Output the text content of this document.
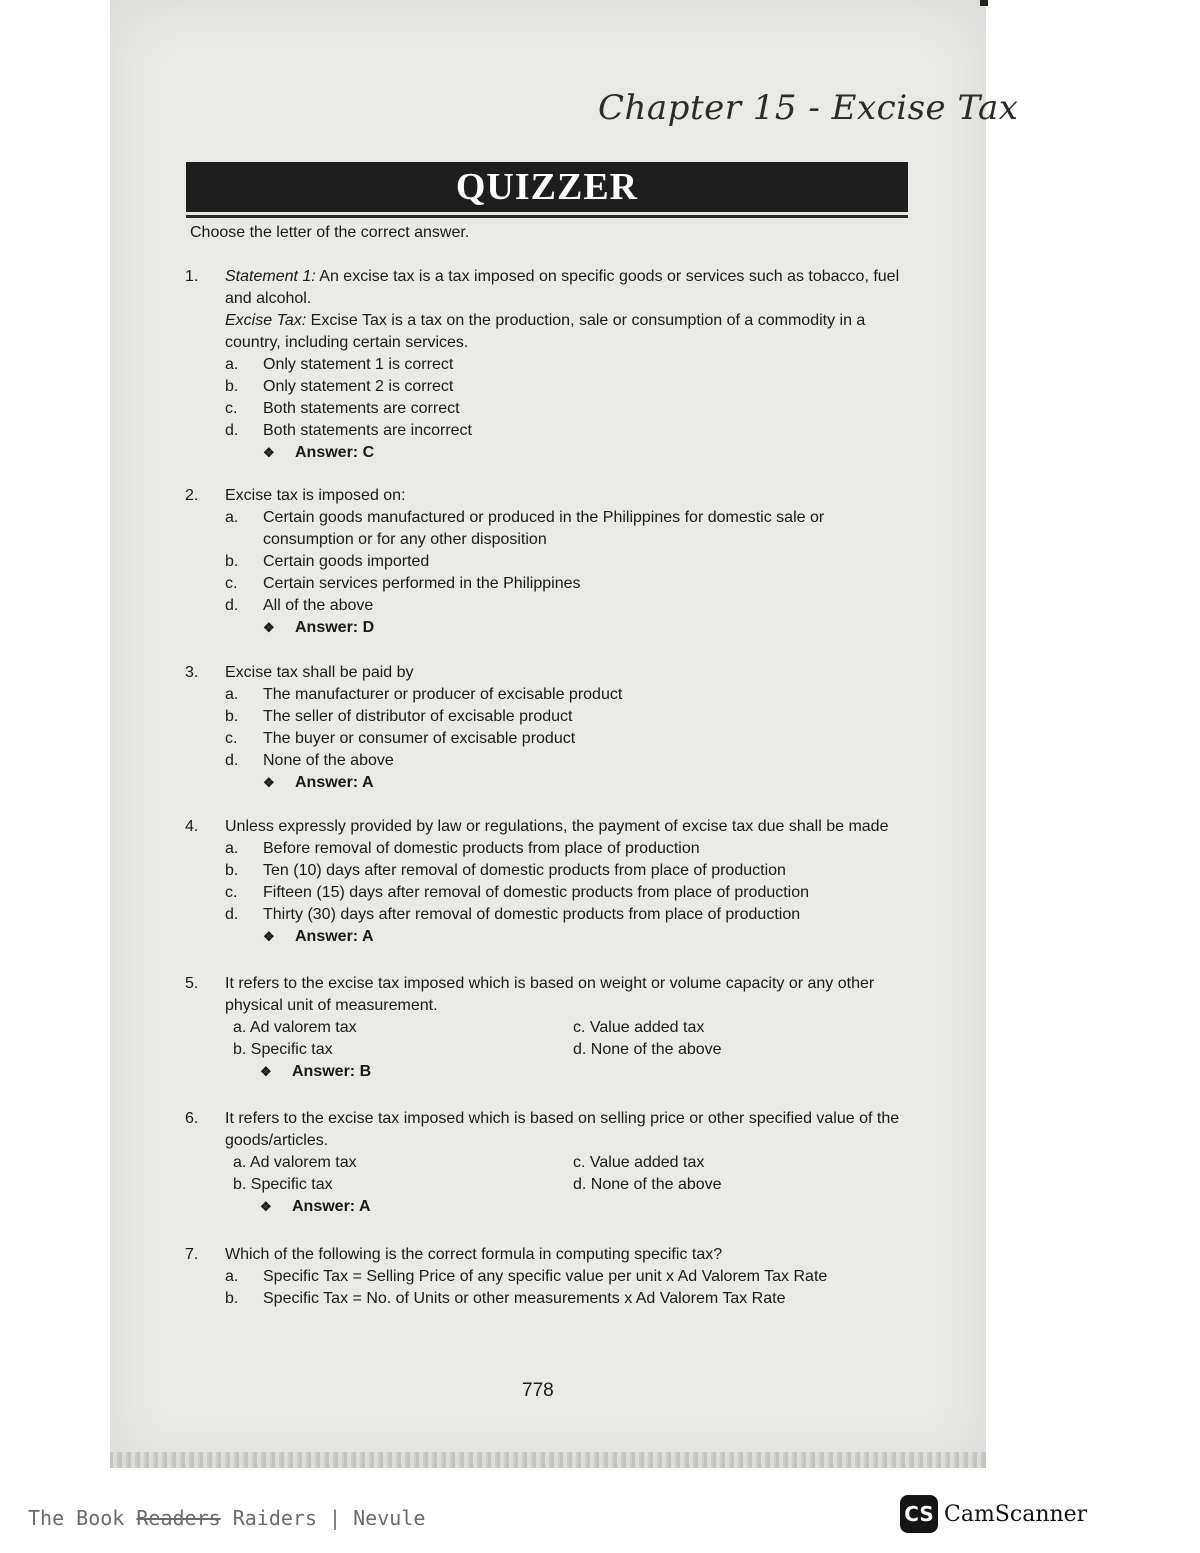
Chapter 15 - Excise Tax
QUIZZER
Choose the letter of the correct answer.
1.	Statement 1: An excise tax is a tax imposed on specific goods or services such as tobacco, fuel and alcohol.
Excise Tax: Excise Tax is a tax on the production, sale or consumption of a commodity in a country, including certain services.
a.	Only statement 1 is correct
b.	Only statement 2 is correct
c.	Both statements are correct
d.	Both statements are incorrect
❖	Answer: C
2.	Excise tax is imposed on:
a.	Certain goods manufactured or produced in the Philippines for domestic sale or consumption or for any other disposition
b.	Certain goods imported
c.	Certain services performed in the Philippines
d.	All of the above
❖	Answer: D
3.	Excise tax shall be paid by
a.	The manufacturer or producer of excisable product
b.	The seller of distributor of excisable product
c.	The buyer or consumer of excisable product
d.	None of the above
❖	Answer: A
4.	Unless expressly provided by law or regulations, the payment of excise tax due shall be made
a.	Before removal of domestic products from place of production
b.	Ten (10) days after removal of domestic products from place of production
c.	Fifteen (15) days after removal of domestic products from place of production
d.	Thirty (30) days after removal of domestic products from place of production
❖	Answer: A
5.	It refers to the excise tax imposed which is based on weight or volume capacity or any other physical unit of measurement.
a. Ad valorem tax	c. Value added tax
b. Specific tax	d. None of the above
❖	Answer: B
6.	It refers to the excise tax imposed which is based on selling price or other specified value of the goods/articles.
a. Ad valorem tax	c. Value added tax
b. Specific tax	d. None of the above
❖	Answer: A
7.	Which of the following is the correct formula in computing specific tax?
a.	Specific Tax = Selling Price of any specific value per unit x Ad Valorem Tax Rate
b.	Specific Tax = No. of Units or other measurements x Ad Valorem Tax Rate
778
The Book Readers Raiders | Nevule	CS CamScanner
